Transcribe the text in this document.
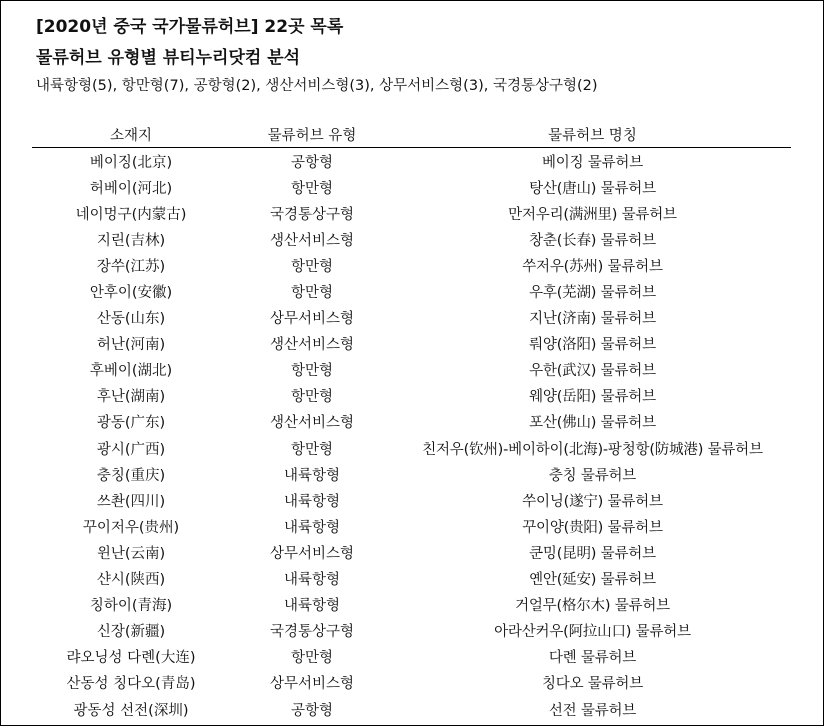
[2020년 중국 국가물류허브] 22곳 목록
물류허브 유형별 뷰티누리닷컴 분석

내륙항형(5), 항만형(7), 공항형(2), 생산서비스형(3), 상무서비스형(3), 국경통상구형(2)

소재지	물류허브 유형	물류허브 명칭
베이징(北京)	공항형	베이징 물류허브
허베이(河北)	항만형	탕산(唐山) 물류허브
네이멍구(内蒙古)	국경통상구형	만저우리(满洲里) 물류허브
지린(吉林)	생산서비스형	창춘(长春) 물류허브
장쑤(江苏)	항만형	쑤저우(苏州) 물류허브
안후이(安徽)	항만형	우후(芜湖) 물류허브
산동(山东)	상무서비스형	지난(济南) 물류허브
허난(河南)	생산서비스형	뤄양(洛阳) 물류허브
후베이(湖北)	항만형	우한(武汉) 물류허브
후난(湖南)	항만형	웨양(岳阳) 물류허브
광동(广东)	생산서비스형	포산(佛山) 물류허브
광시(广西)	항만형	친저우(钦州)-베이하이(北海)-팡청항(防城港) 물류허브
충칭(重庆)	내륙항형	충칭 물류허브
쓰촨(四川)	내륙항형	쑤이닝(遂宁) 물류허브
꾸이저우(贵州)	내륙항형	꾸이양(贵阳) 물류허브
윈난(云南)	상무서비스형	쿤밍(昆明) 물류허브
샨시(陕西)	내륙항형	옌안(延安) 물류허브
칭하이(青海)	내륙항형	거얼무(格尔木) 물류허브
신장(新疆)	국경통상구형	아라산커우(阿拉山口) 물류허브
랴오닝성 다롄(大连)	항만형	다롄 물류허브
산동성 칭다오(青岛)	상무서비스형	칭다오 물류허브
광동성 선전(深圳)	공항형	선전 물류허브
